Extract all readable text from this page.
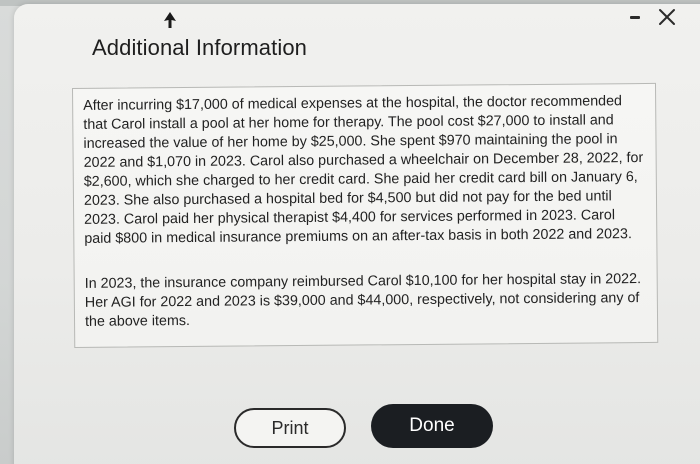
Additional Information
After incurring $17,000 of medical expenses at the hospital, the doctor recommended that Carol install a pool at her home for therapy. The pool cost $27,000 to install and increased the value of her home by $25,000. She spent $970 maintaining the pool in 2022 and $1,070 in 2023. Carol also purchased a wheelchair on December 28, 2022, for $2,600, which she charged to her credit card. She paid her credit card bill on January 6, 2023. She also purchased a hospital bed for $4,500 but did not pay for the bed until 2023. Carol paid her physical therapist $4,400 for services performed in 2023. Carol paid $800 in medical insurance premiums on an after-tax basis in both 2022 and 2023.
In 2023, the insurance company reimbursed Carol $10,100 for her hospital stay in 2022. Her AGI for 2022 and 2023 is $39,000 and $44,000, respectively, not considering any of the above items.
Print	Done
